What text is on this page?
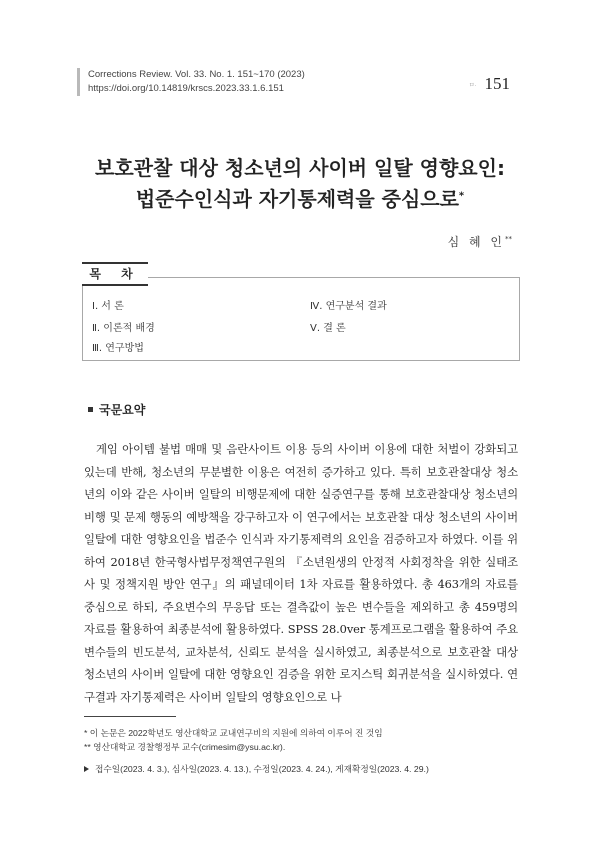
Corrections Review. Vol. 33. No. 1. 151~170 (2023)
https://doi.org/10.14819/krscs.2023.33.1.6.151	ㅁ· 151
보호관찰 대상 청소년의 사이버 일탈 영향요인:
법준수인식과 자기통제력을 중심으로*
심 혜 인**
목 차
Ⅰ. 서 론
Ⅱ. 이론적 배경
Ⅲ. 연구방법
Ⅳ. 연구분석 결과
Ⅴ. 결 론
국문요약

게임 아이템 불법 매매 및 음란사이트 이용 등의 사이버 이용에 대한 처벌이 강화되고 있는데 반해, 청소년의 무분별한 이용은 여전히 증가하고 있다. 특히 보호관찰대상 청소년의 이와 같은 사이버 일탈의 비행문제에 대한 실증연구를 통해 보호관찰대상 청소년의 비행 및 문제 행동의 예방책을 강구하고자 이 연구에서는 보호관찰 대상 청소년의 사이버 일탈에 대한 영향요인을 법준수 인식과 자기통제력의 요인을 검증하고자 하였다. 이를 위하여 2018년 한국형사법무정책연구원의 『소년원생의 안정적 사회정착을 위한 실태조사 및 정책지원 방안 연구』의 패널데이터 1차 자료를 활용하였다. 총 463개의 자료를 중심으로 하되, 주요변수의 무응답 또는 결측값이 높은 변수들을 제외하고 총 459명의 자료를 활용하여 최종분석에 활용하였다. SPSS 28.0ver 통계프로그램을 활용하여 주요변수들의 빈도분석, 교차분석, 신뢰도 분석을 실시하였고, 최종분석으로 보호관찰 대상 청소년의 사이버 일탈에 대한 영향요인 검증을 위한 로지스틱 회귀분석을 실시하였다. 연구결과 자기통제력은 사이버 일탈의 영향요인으로 나

* 이 논문은 2022학년도 영산대학교 교내연구비의 지원에 의하여 이루어 진 것임
** 영산대학교 경찰행정부 교수(crimesim@ysu.ac.kr).
접수일(2023. 4. 3.), 심사일(2023. 4. 13.), 수정일(2023. 4. 24.), 게재확정일(2023. 4. 29.)
